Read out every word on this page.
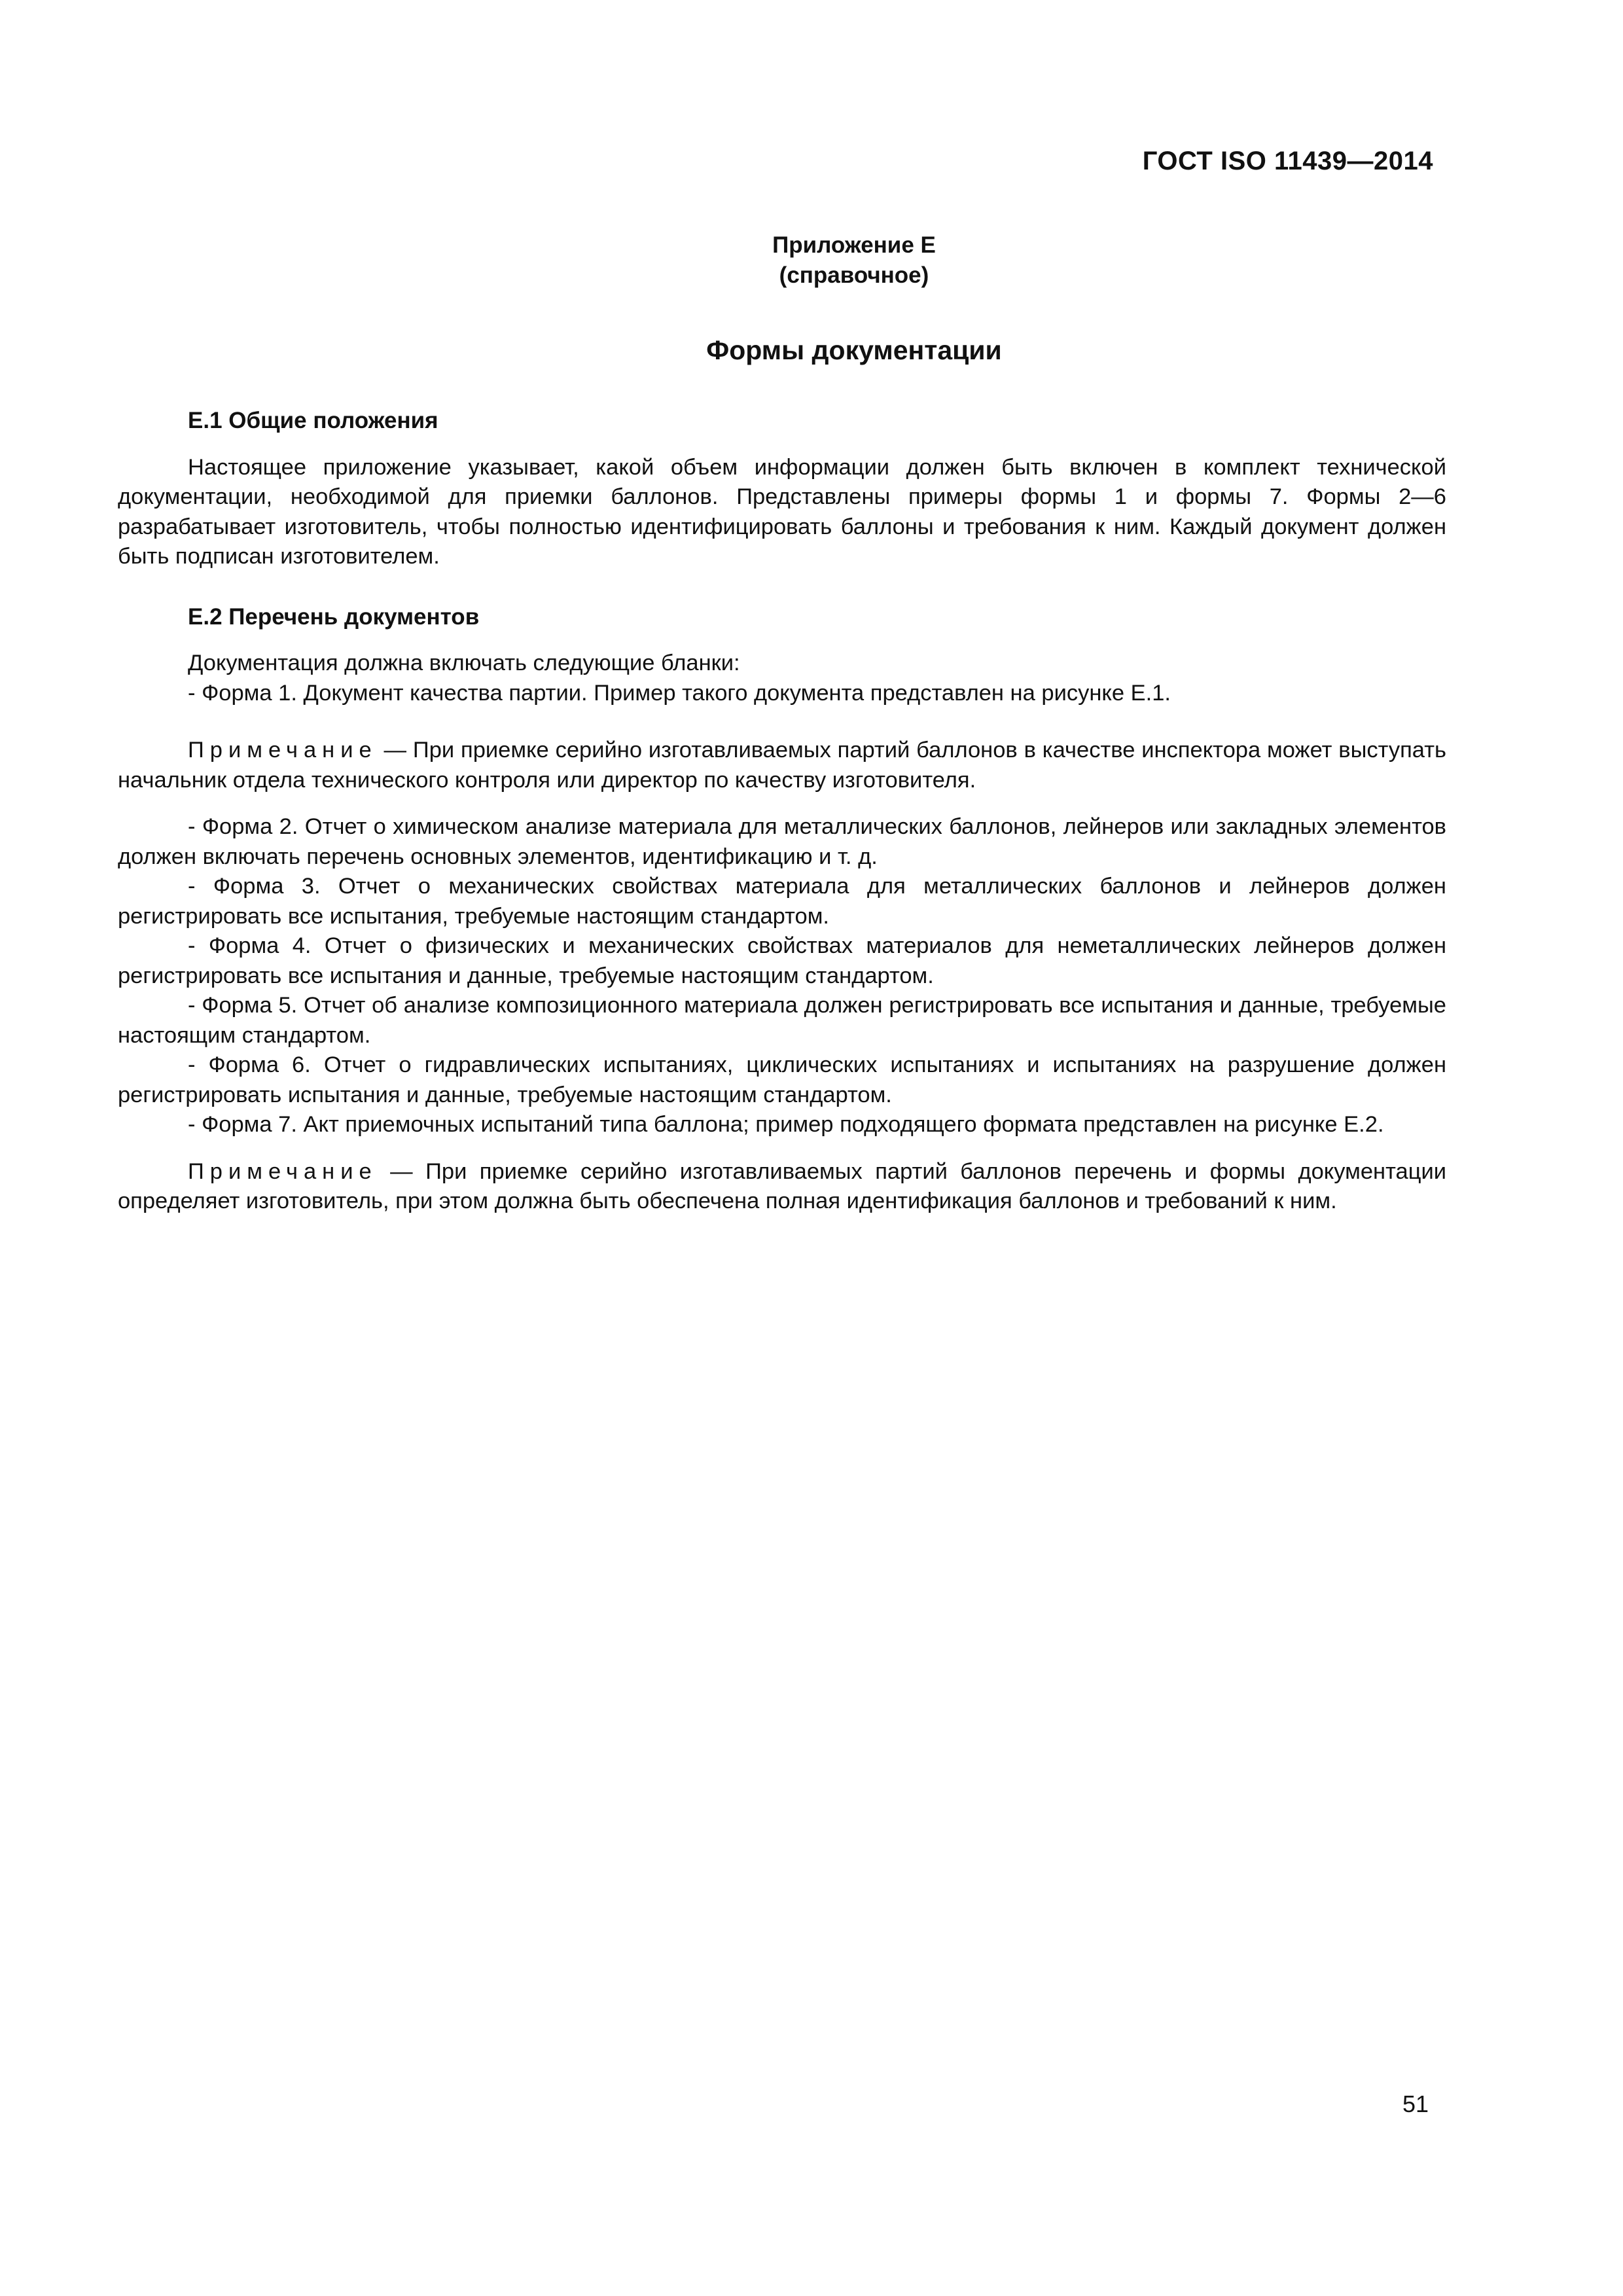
ГОСТ ISO 11439—2014
Приложение Е
(справочное)
Формы документации

Е.1 Общие положения

Настоящее приложение указывает, какой объем информации должен быть включен в комплект технической документации, необходимой для приемки баллонов. Представлены примеры формы 1 и формы 7. Формы 2—6 разрабатывает изготовитель, чтобы полностью идентифицировать баллоны и требования к ним. Каждый документ должен быть подписан изготовителем.

Е.2 Перечень документов

Документация должна включать следующие бланки:

- Форма 1. Документ качества партии. Пример такого документа представлен на рисунке Е.1.

Примечание — При приемке серийно изготавливаемых партий баллонов в качестве инспектора может выступать начальник отдела технического контроля или директор по качеству изготовителя.

- Форма 2. Отчет о химическом анализе материала для металлических баллонов, лейнеров или закладных элементов должен включать перечень основных элементов, идентификацию и т. д.

- Форма 3. Отчет о механических свойствах материала для металлических баллонов и лейнеров должен регистрировать все испытания, требуемые настоящим стандартом.

- Форма 4. Отчет о физических и механических свойствах материалов для неметаллических лейнеров должен регистрировать все испытания и данные, требуемые настоящим стандартом.

- Форма 5. Отчет об анализе композиционного материала должен регистрировать все испытания и данные, требуемые настоящим стандартом.

- Форма 6. Отчет о гидравлических испытаниях, циклических испытаниях и испытаниях на разрушение должен регистрировать испытания и данные, требуемые настоящим стандартом.

- Форма 7. Акт приемочных испытаний типа баллона; пример подходящего формата представлен на рисунке Е.2.

Примечание — При приемке серийно изготавливаемых партий баллонов перечень и формы документации определяет изготовитель, при этом должна быть обеспечена полная идентификация баллонов и требований к ним.

51
